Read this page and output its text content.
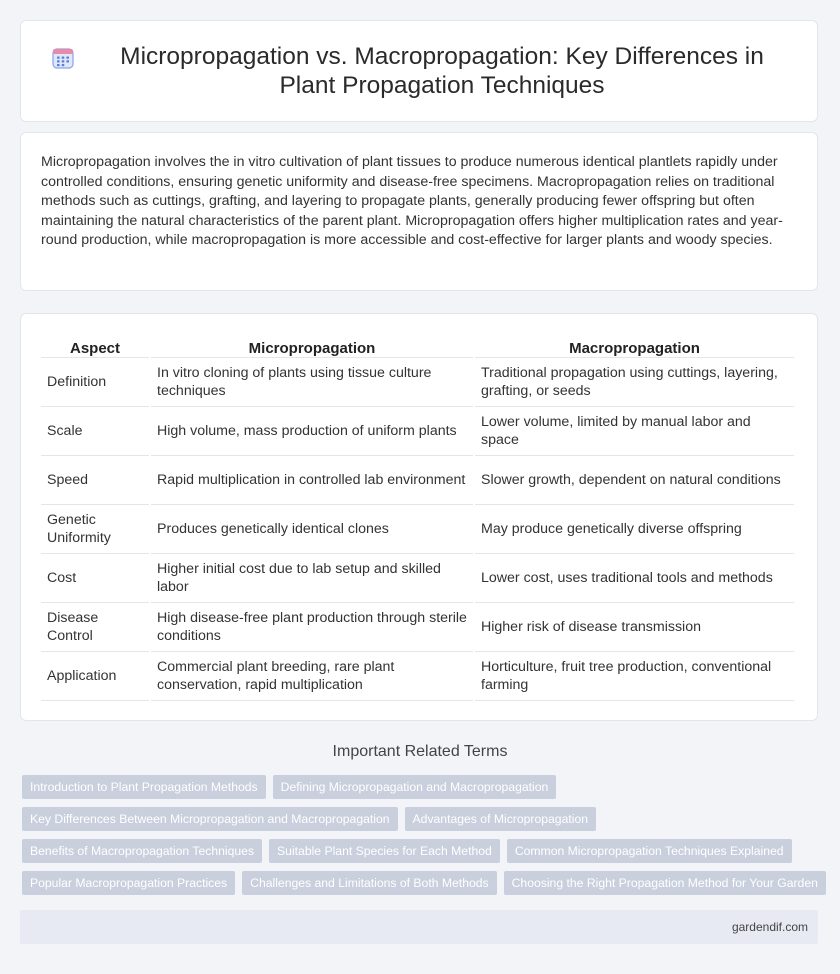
Micropropagation vs. Macropropagation: Key Differences in Plant Propagation Techniques

Micropropagation involves the in vitro cultivation of plant tissues to produce numerous identical plantlets rapidly under controlled conditions, ensuring genetic uniformity and disease-free specimens. Macropropagation relies on traditional methods such as cuttings, grafting, and layering to propagate plants, generally producing fewer offspring but often maintaining the natural characteristics of the parent plant. Micropropagation offers higher multiplication rates and year-round production, while macropropagation is more accessible and cost-effective for larger plants and woody species.

Aspect	Micropropagation	Macropropagation
Definition	In vitro cloning of plants using tissue culture techniques	Traditional propagation using cuttings, layering, grafting, or seeds
Scale	High volume, mass production of uniform plants	Lower volume, limited by manual labor and space
Speed	Rapid multiplication in controlled lab environment	Slower growth, dependent on natural conditions
Genetic Uniformity	Produces genetically identical clones	May produce genetically diverse offspring
Cost	Higher initial cost due to lab setup and skilled labor	Lower cost, uses traditional tools and methods
Disease Control	High disease-free plant production through sterile conditions	Higher risk of disease transmission
Application	Commercial plant breeding, rare plant conservation, rapid multiplication	Horticulture, fruit tree production, conventional farming
Important Related Terms
Introduction to Plant Propagation Methods	Defining Micropropagation and Macropropagation
Key Differences Between Micropropagation and Macropropagation	Advantages of Micropropagation
Benefits of Macropropagation Techniques	Suitable Plant Species for Each Method	Common Micropropagation Techniques Explained
Popular Macropropagation Practices	Challenges and Limitations of Both Methods	Choosing the Right Propagation Method for Your Garden
gardendif.com
